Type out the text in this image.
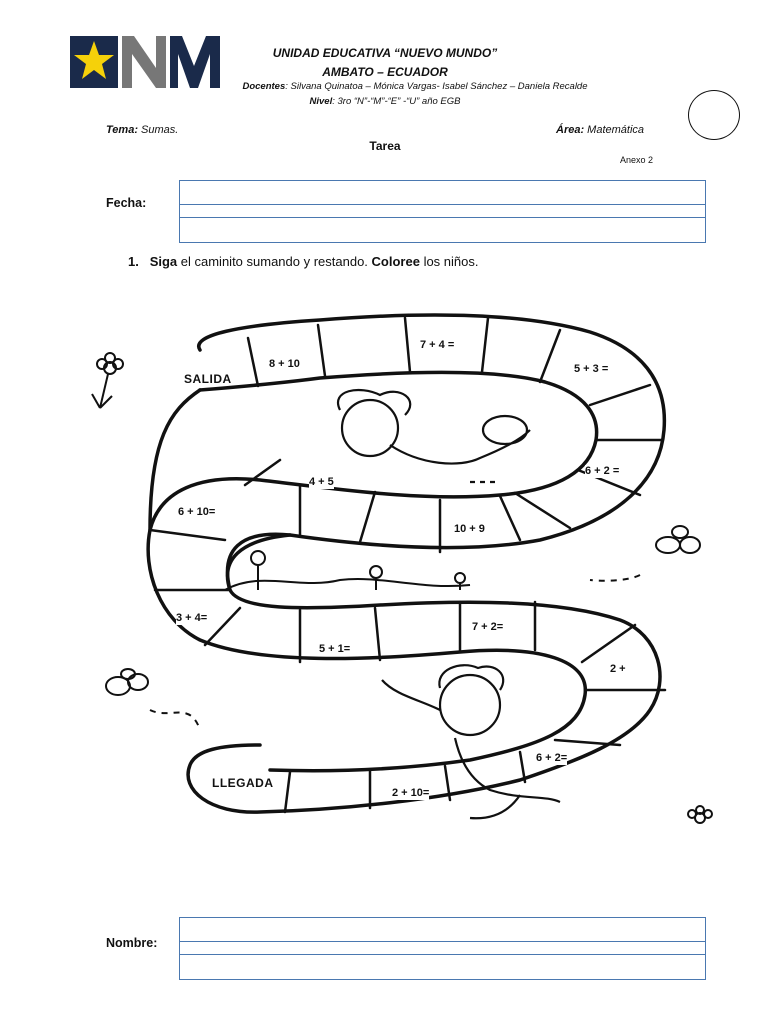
UNIDAD EDUCATIVA “NUEVO MUNDO”
AMBATO – ECUADOR
Docentes: Silvana Quinatoa – Mónica Vargas- Isabel Sánchez – Daniela Recalde
Nivel: 3ro “N”-“M”-“E” -“U” año EGB
Tema: Sumas.	Área: Matemática
Tarea
Anexo 2
Fecha:
1. Siga el caminito sumando y restando. Coloree los niños.
SALIDA
LLEGADA
8 + 10
7 + 4 =
5 + 3 =
6 + 2 =
4 + 5
10 + 9
6 + 10=
3 + 4=
5 + 1=
7 + 2=
2 +
6 + 2=
2 + 10=
Nombre:
